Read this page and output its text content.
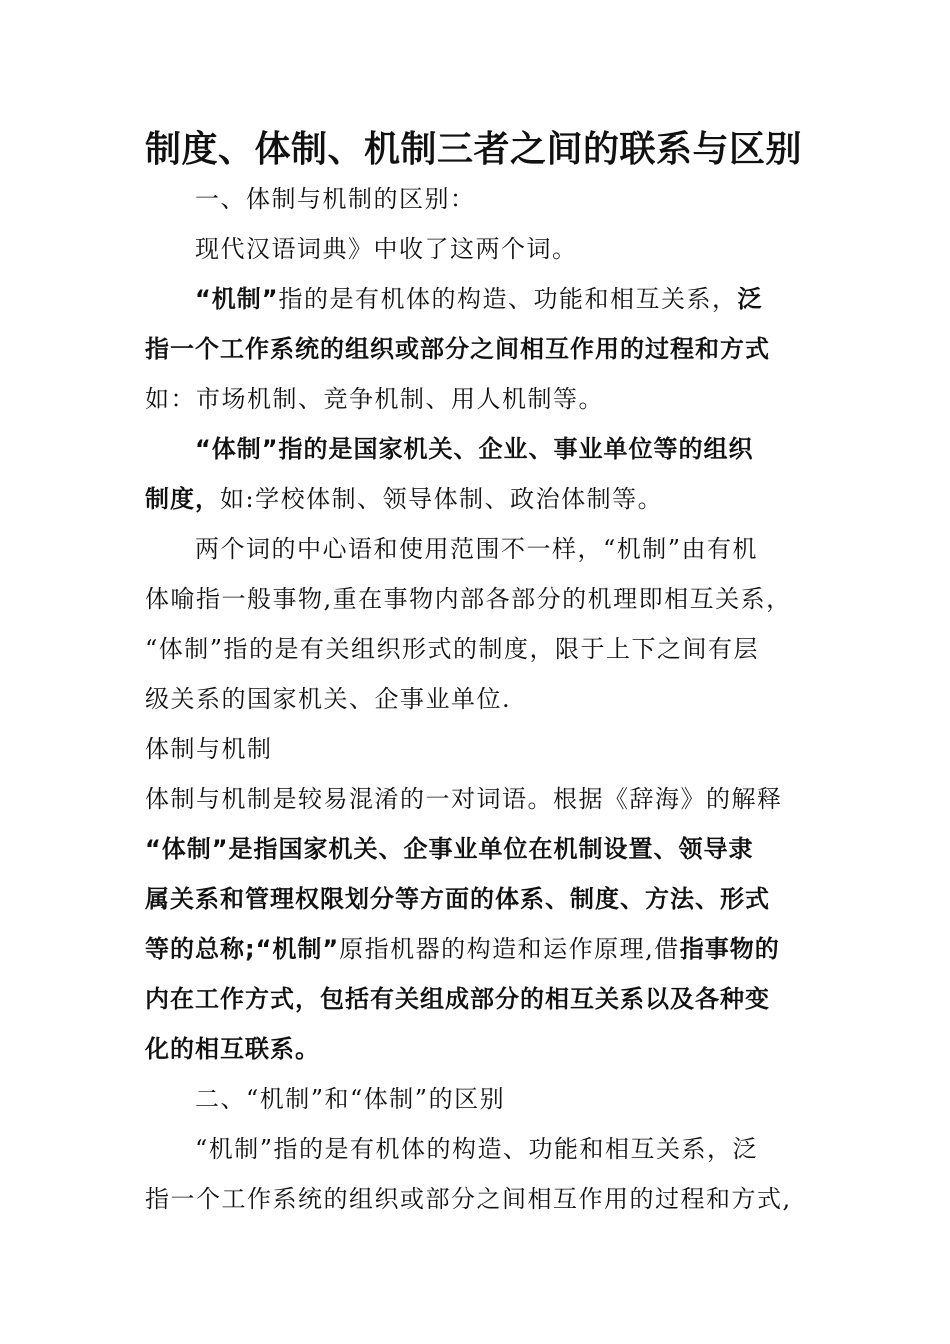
制度、体制、机制三者之间的联系与区别
一、体制与机制的区别：
现代汉语词典》中收了这两个词。
“机制”指的是有机体的构造、功能和相互关系，泛
指一个工作系统的组织或部分之间相互作用的过程和方式
如：市场机制、竞争机制、用人机制等。
“体制”指的是国家机关、企业、事业单位等的组织
制度，如:学校体制、领导体制、政治体制等。
两个词的中心语和使用范围不一样，“机制”由有机
体喻指一般事物,重在事物内部各部分的机理即相互关系，
“体制”指的是有关组织形式的制度，限于上下之间有层
级关系的国家机关、企事业单位.
体制与机制
体制与机制是较易混淆的一对词语。根据《辞海》的解释
“体制”是指国家机关、企事业单位在机制设置、领导隶
属关系和管理权限划分等方面的体系、制度、方法、形式
等的总称;“机制”原指机器的构造和运作原理,借指事物的
内在工作方式，包括有关组成部分的相互关系以及各种变
化的相互联系。
二、“机制”和“体制”的区别
“机制”指的是有机体的构造、功能和相互关系，泛
指一个工作系统的组织或部分之间相互作用的过程和方式,
